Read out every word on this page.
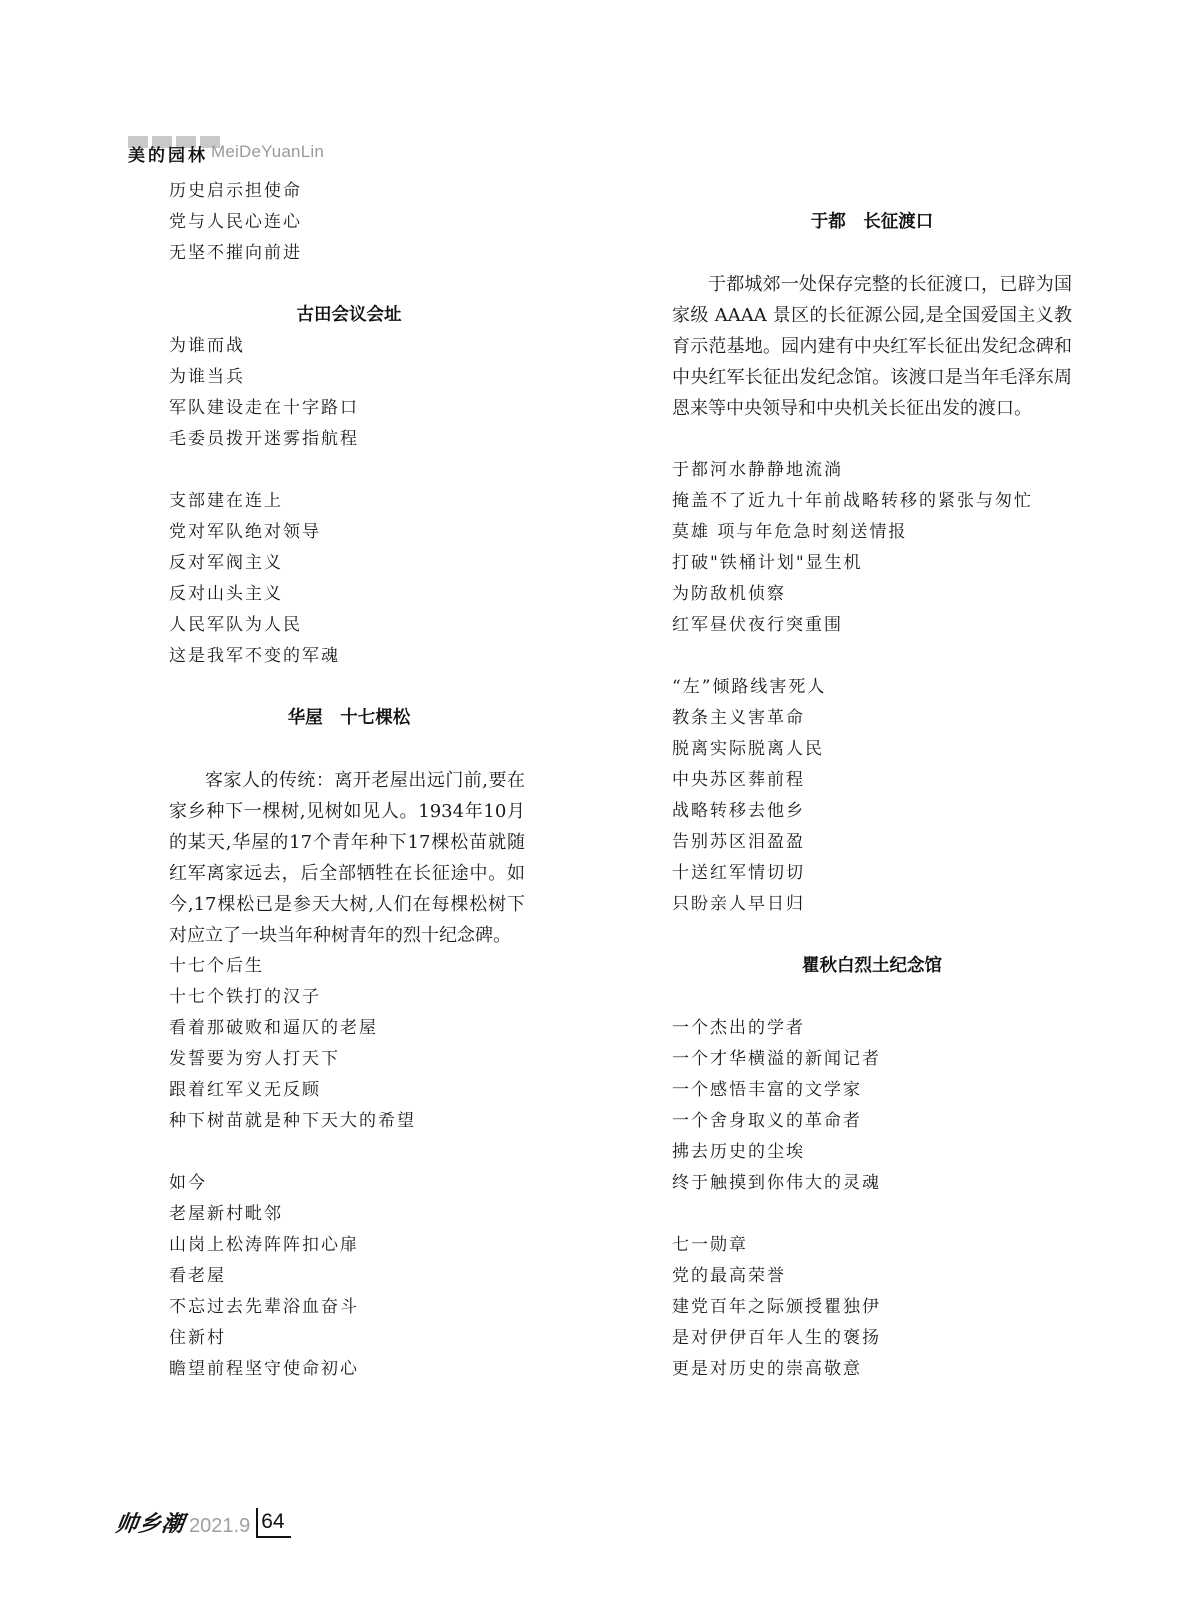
美 的 园 林 MeiDeYuanLin
历史启示担使命
党与人民心连心
无坚不摧向前进
古田会议会址
为谁而战
为谁当兵
军队建设走在十字路口
毛委员拨开迷雾指航程
支部建在连上
党对军队绝对领导
反对军阀主义
反对山头主义
人民军队为人民
这是我军不变的军魂
华屋　十七棵松
客家人的传统：离开老屋出远门前,要在家乡种下一棵树,见树如见人。1934年10月的某天,华屋的17个青年种下17棵松苗就随红军离家远去，后全部牺牲在长征途中。如今,17棵松已是参天大树,人们在每棵松树下对应立了一块当年种树青年的烈十纪念碑。
十七个后生
十七个铁打的汉子
看着那破败和逼仄的老屋
发誓要为穷人打天下
跟着红军义无反顾
种下树苗就是种下天大的希望
如今
老屋新村毗邻
山岗上松涛阵阵扣心扉
看老屋
不忘过去先辈浴血奋斗
住新村
瞻望前程坚守使命初心
于都　长征渡口
于都城郊一处保存完整的长征渡口，已辟为国家级 AAAA 景区的长征源公园,是全国爱国主义教育示范基地。园内建有中央红军长征出发纪念碑和中央红军长征出发纪念馆。该渡口是当年毛泽东周恩来等中央领导和中央机关长征出发的渡口。
于都河水静静地流淌
掩盖不了近九十年前战略转移的紧张与匆忙
莫雄 项与年危急时刻送情报
打破"铁桶计划"显生机
为防敌机侦察
红军昼伏夜行突重围
“左”倾路线害死人
教条主义害革命
脱离实际脱离人民
中央苏区葬前程
战略转移去他乡
告别苏区泪盈盈
十送红军情切切
只盼亲人早日归
瞿秋白烈土纪念馆
一个杰出的学者
一个才华横溢的新闻记者
一个感悟丰富的文学家
一个舍身取义的革命者
拂去历史的尘埃
终于触摸到你伟大的灵魂
七一勋章
党的最高荣誉
建党百年之际颁授瞿独伊
是对伊伊百年人生的褒扬
更是对历史的崇高敬意
帅乡潮 2021.9 64
